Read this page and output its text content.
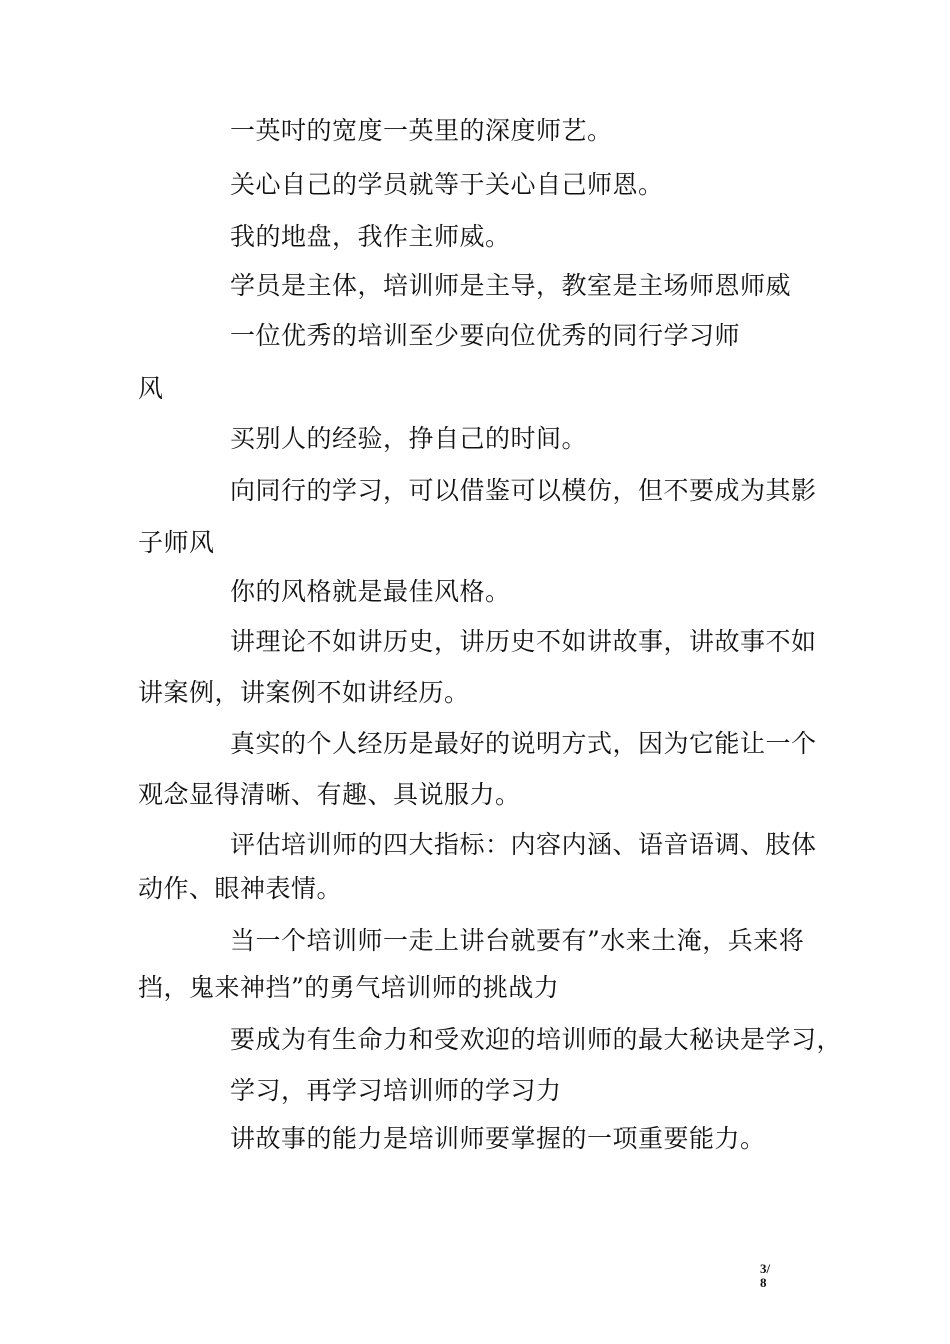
一英吋的宽度一英里的深度师艺。
关心自己的学员就等于关心自己师恩。
我的地盘，我作主师威。
学员是主体，培训师是主导，教室是主场师恩师威
一位优秀的培训至少要向位优秀的同行学习师
风
买别人的经验，挣自己的时间。
向同行的学习，可以借鉴可以模仿，但不要成为其影
子师风
你的风格就是最佳风格。
讲理论不如讲历史，讲历史不如讲故事，讲故事不如
讲案例，讲案例不如讲经历。
真实的个人经历是最好的说明方式，因为它能让一个
观念显得清晰、有趣、具说服力。
评估培训师的四大指标：内容内涵、语音语调、肢体
动作、眼神表情。
当一个培训师一走上讲台就要有”水来土淹，兵来将
挡，鬼来神挡”的勇气培训师的挑战力
要成为有生命力和受欢迎的培训师的最大秘诀是学习，
学习，再学习培训师的学习力
讲故事的能力是培训师要掌握的一项重要能力。
3/
8
